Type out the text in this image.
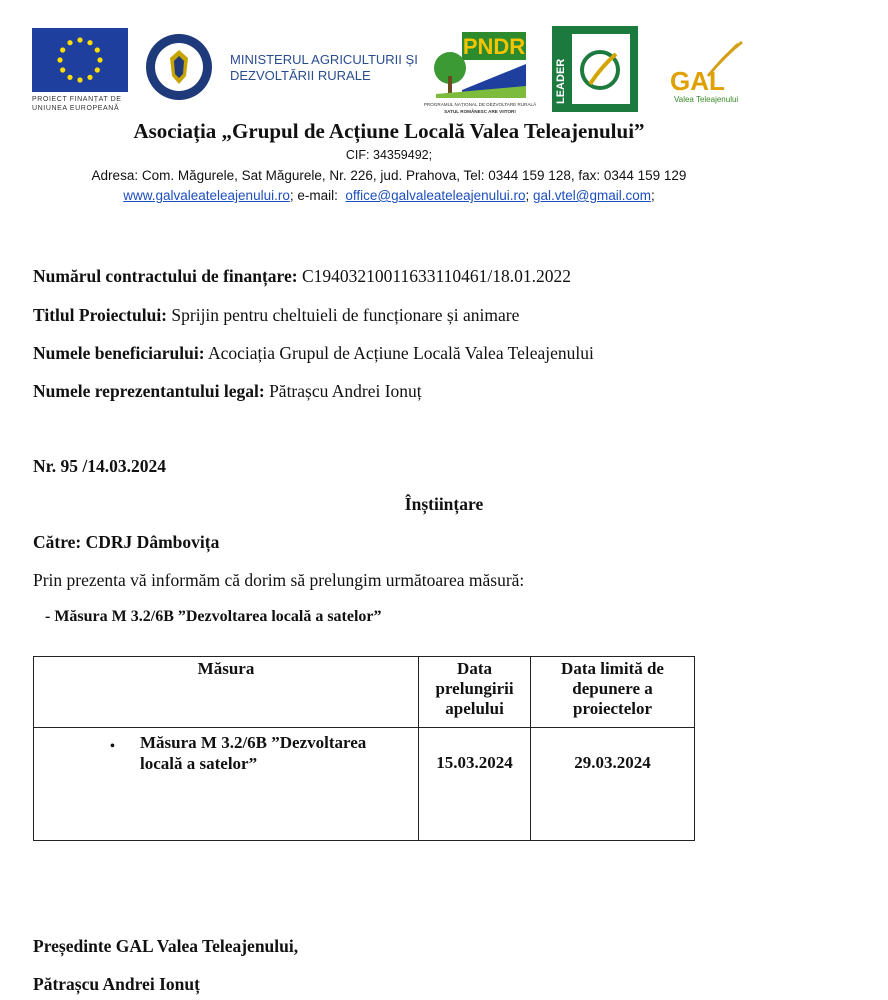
PROIECT FINANȚAT DE
UNIUNEA EUROPEANĂ
MINISTERUL AGRICULTURII ȘI
DEZVOLTĂRII RURALE
PNDR
PROGRAMUL NAȚIONAL DE DEZVOLTARE RURALĂ
SATUL ROMÂNESC ARE VIITOR!
LEADER	GAL
Valea Teleajenului
Asociația „Grupul de Acțiune Locală Valea Teleajenului”
CIF: 34359492;
Adresa: Com. Măgurele, Sat Măgurele, Nr. 226, jud. Prahova, Tel: 0344 159 128, fax: 0344 159 129
www.galvaleateleajenului.ro; e-mail: office@galvaleateleajenului.ro; gal.vtel@gmail.com;
Numărul contractului de finanțare: C19403210011633110461/18.01.2022
Titlul Proiectului: Sprijin pentru cheltuieli de funcționare și animare
Numele beneficiarului: Acociația Grupul de Acțiune Locală Valea Teleajenului
Numele reprezentantului legal: Pătrașcu Andrei Ionuț
Nr. 95 /14.03.2024
Înștiințare
Către: CDRJ Dâmbovița
Prin prezenta vă informăm că dorim să prelungim următoarea măsură:
- Măsura M 3.2/6B ”Dezvoltarea locală a satelor”
Măsura	Data prelungirii apelului	Data limită de depunere a proiectelor

• Măsura M 3.2/6B ”Dezvoltarea locală a satelor”	15.03.2024	29.03.2024
Președinte GAL Valea Teleajenului,
Pătrașcu Andrei Ionuț
